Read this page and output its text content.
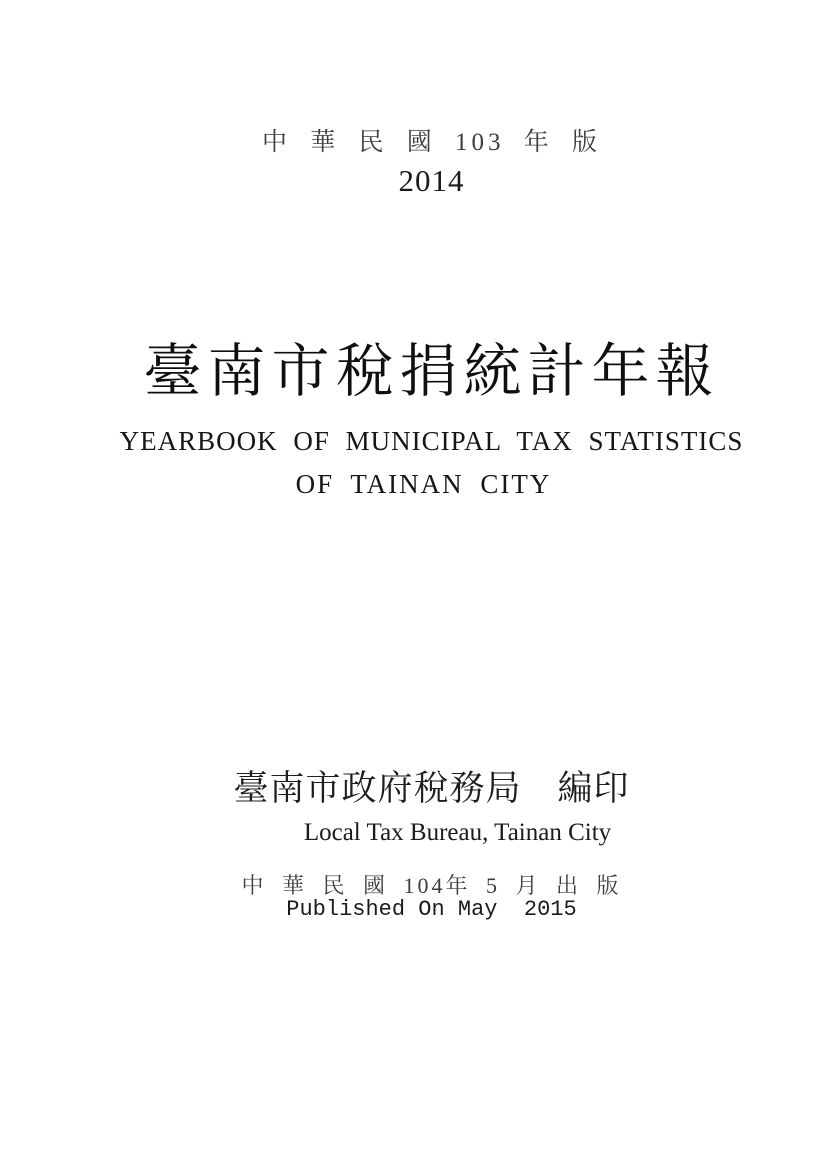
中 華 民 國 103 年 版
2014
臺南市稅捐統計年報
YEARBOOK OF MUNICIPAL TAX STATISTICS
OF TAINAN CITY
臺南市政府稅務局　編印
Local Tax Bureau, Tainan City
中 華 民 國 104年 5 月 出 版
Published On May  2015
